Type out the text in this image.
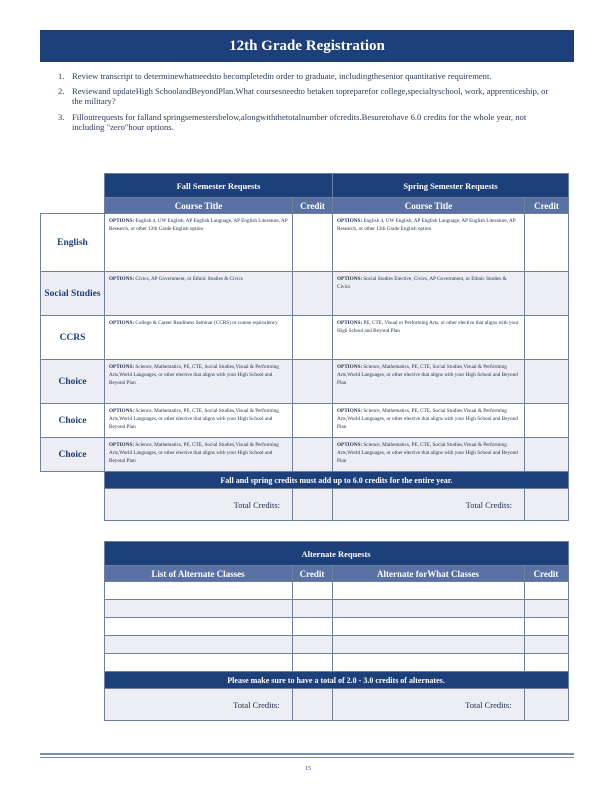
12th Grade Registration
1. Review transcript to determinewhatneedsto becompletedin order to graduate, includingthesenior quantitative requirement.
2. Reviewand updateHigh SchoolandBeyondPlan.What coursesneedto betaken topreparefor college,specialtyschool, work, apprenticeship, or the military?
3. Filloutrequests for falland springsemestersbelow,alongwiththetotalnumber ofcredits.Besuretohave 6.0 credits for the whole year, not including "zero"hour options.
	Fall Semester Requests		Spring Semester Requests	
	Course Title	Credit	Course Title	Credit
English	OPTIONS: English 4, UW English, AP English Language, AP English Literature, AP Research, or other 12th Grade English option		OPTIONS: English 4, UW English, AP English Language, AP English Literature, AP Research, or other 12th Grade English option	
Social Studies	OPTIONS: Civics, AP Government, or Ethnic Studies & Civics		OPTIONS: Social Studies Elective, Civics, AP Government, or Ethnic Studies & Civics	
CCRS	OPTIONS: College & Career Readiness Seminar (CCRS) or course equivalency		OPTIONS: PE, CTE, Visual or Performing Arts, or other elective that aligns with your High School and Beyond Plan	
Choice	OPTIONS: Science, Mathematics, PE, CTE, Social Studies,Visual & Performing Arts,World Languages, or other elective that aligns with your High School and Beyond Plan		OPTIONS: Science, Mathematics, PE, CTE, Social Studies,Visual & Performing Arts,World Languages, or other elective that aligns with your High School and Beyond Plan	
Choice	OPTIONS: Science, Mathematics, PE, CTE, Social Studies,Visual & Performing Arts,World Languages, or other elective that aligns with your High School and Beyond Plan		OPTIONS: Science, Mathematics, PE, CTE, Social Studies,Visual & Performing Arts,World Languages, or other elective that aligns with your High School and Beyond Plan	
Choice	OPTIONS: Science, Mathematics, PE, CTE, Social Studies,Visual & Performing Arts,World Languages, or other elective that aligns with your High School and Beyond Plan		OPTIONS: Science, Mathematics, PE, CTE, Social Studies,Visual & Performing Arts,World Languages, or other elective that aligns with your High School and Beyond Plan	
	Fall and spring credits must add up to 6.0 credits for the entire year.			
	Total Credits:		Total Credits:	
	Alternate Requests			
	List of Alternate Classes	Credit	Alternate forWhat Classes	Credit

	Please make sure to have a total of 2.0 - 3.0 credits of alternates.			
	Total Credits:		Total Credits:	
15
